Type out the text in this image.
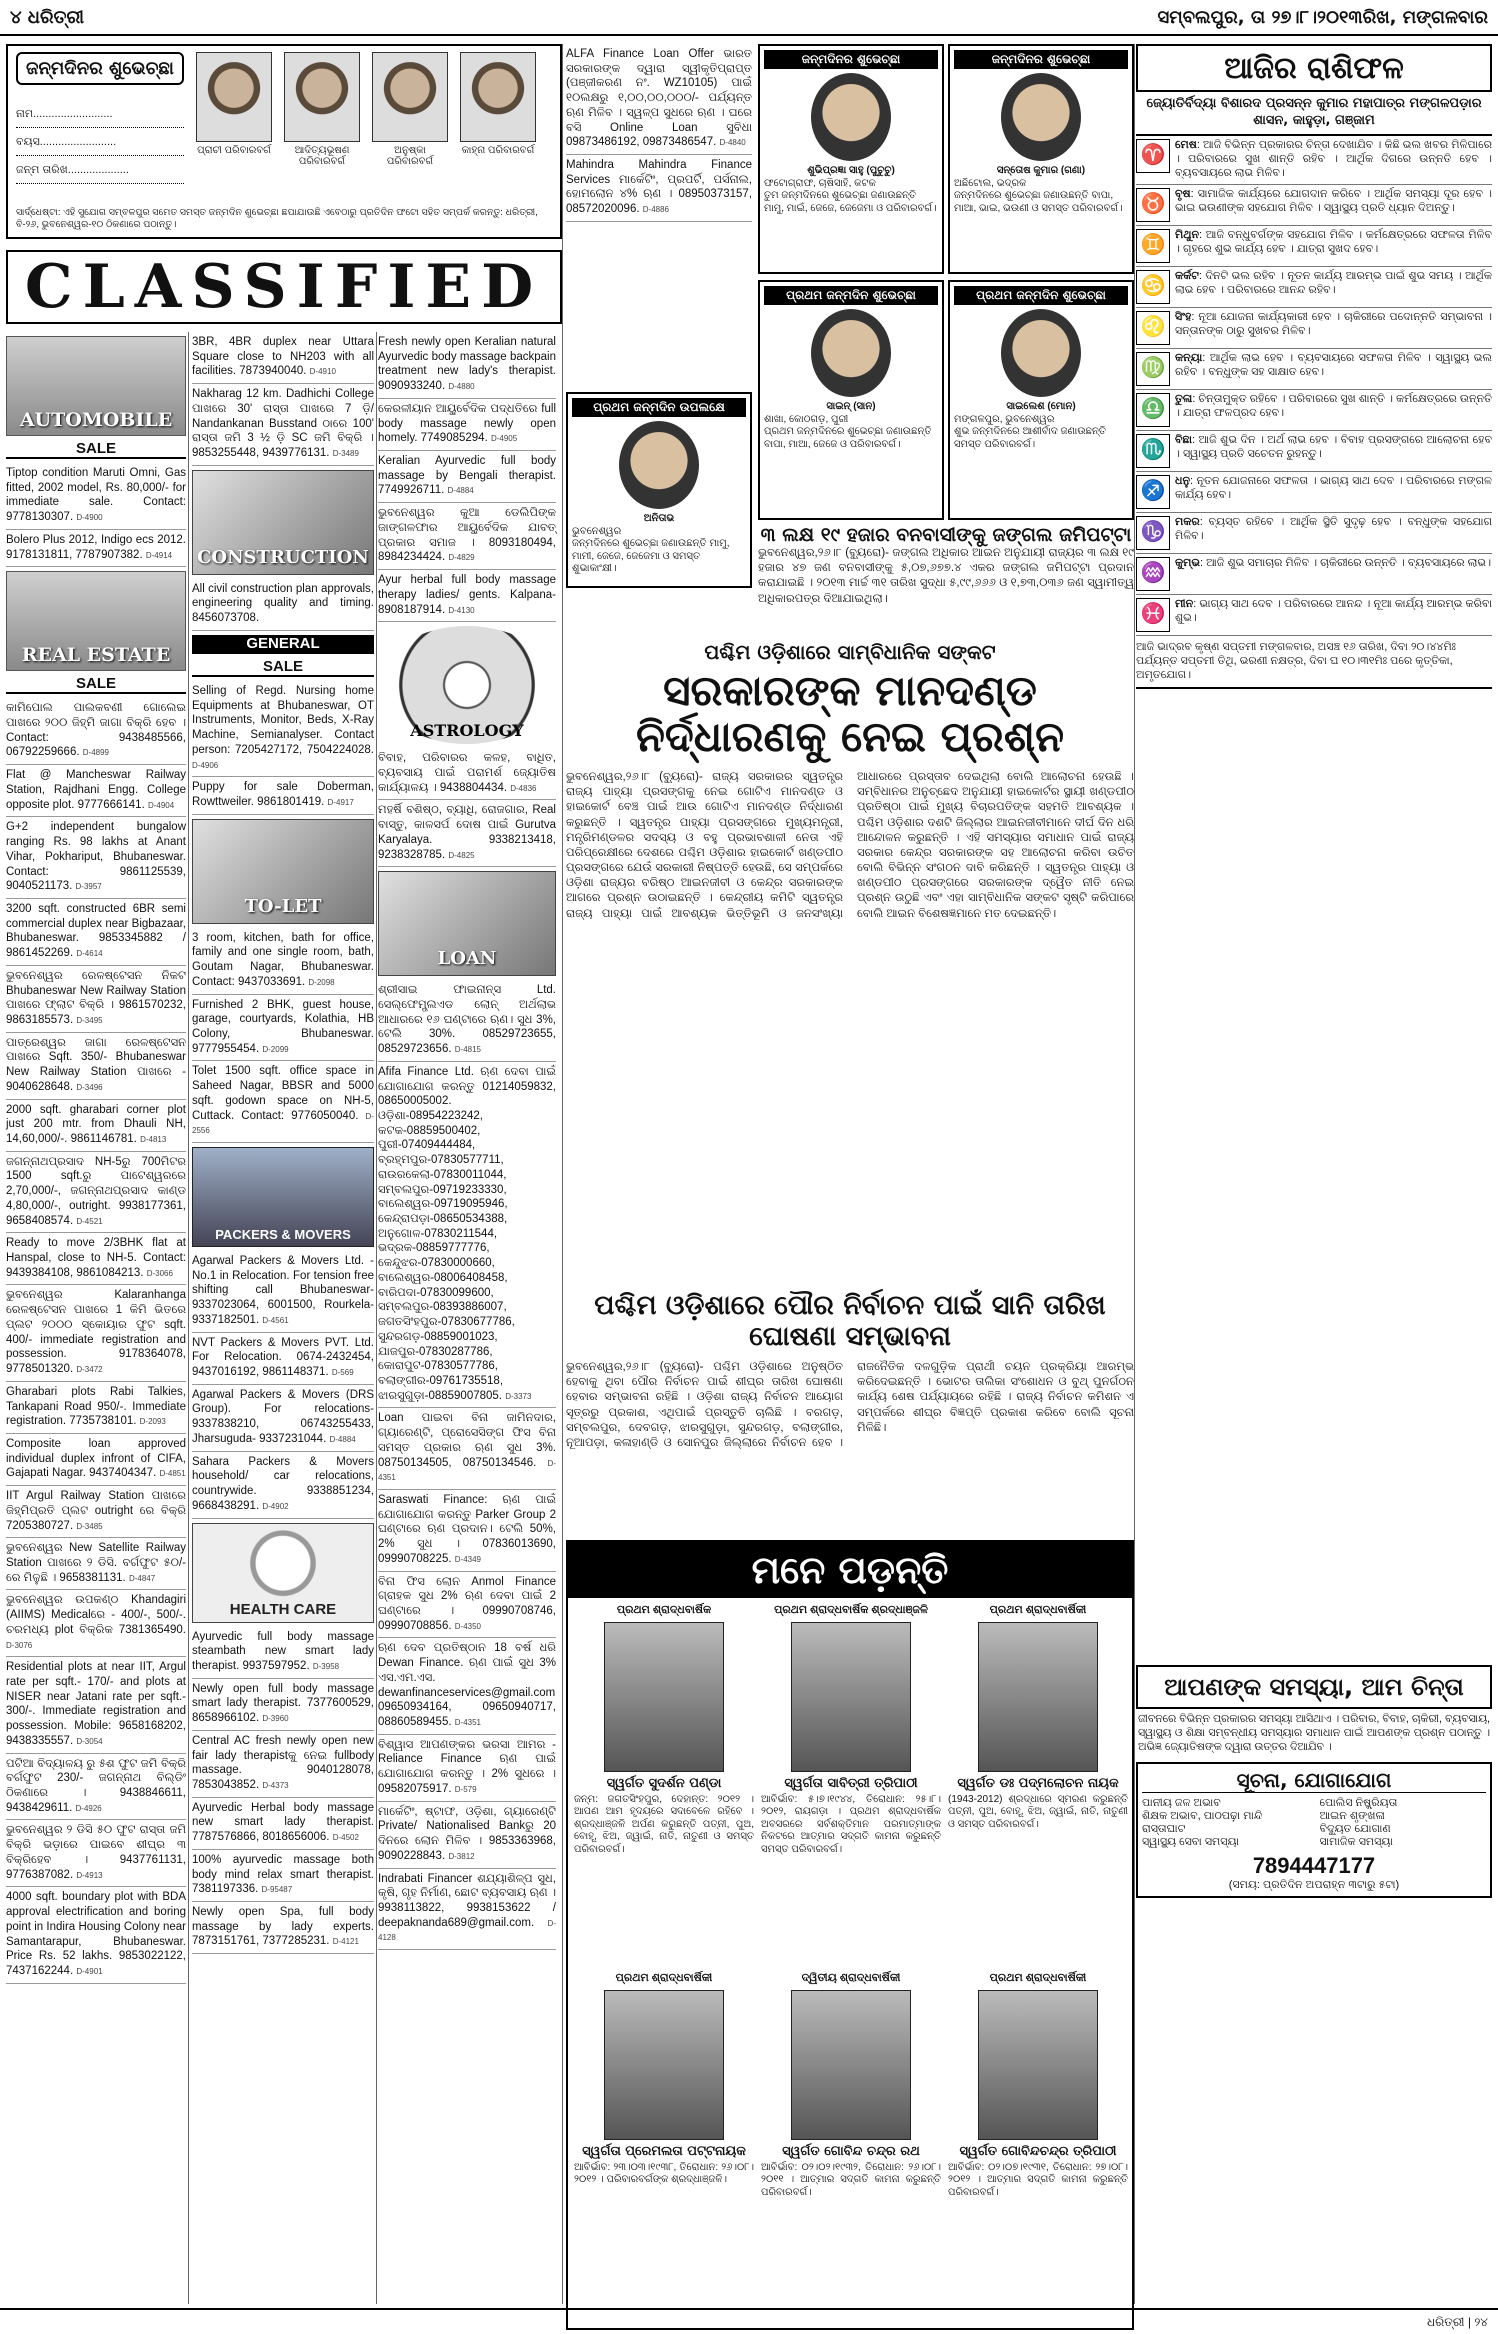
୪ ଧରିତ୍ରୀ	ସମ୍ବଲପୁର, ତା ୨୭।୮।୨୦୧୩ରିଖ, ମଙ୍ଗଳବାର
ଜନ୍ମଦିନର ଶୁଭେଚ୍ଛା
ନାମ..........................
ବୟସ.........................
ଜନ୍ମ ତାରିଖ....................
ପ୍ରାଚୀ ପରିବାରବର୍ଗ	ଆଦିତ୍ୟଭୂଷଣ ପରିବାରବର୍ଗ
ଅନୁଷ୍କା ପରିବାରବର୍ଗ
କାହ୍ନା ପରିବାରବର୍ଗ
ସାର୍ଦ୍ଧେଷ୍ଟା: ଏହି ସୁଯୋଗ ସମ୍ବଳପୁର ସମେତ ସମସ୍ତ ଜନ୍ମଦିନ ଶୁଭେଚ୍ଛା ଛପାଯାଉଛି ଏବେଠାରୁ ପ୍ରତିଦିନ ଫଟୋ ସହିତ ସମ୍ପର୍କ କରନ୍ତୁ: ଧରିତ୍ରୀ, ବି-୨୬, ଭୁବନେଶ୍ୱର-୧୦ ଠିକଣାରେ ପଠାନ୍ତୁ।
CLASSIFIED
AUTOMOBILE
SALE
Tiptop condition Maruti Omni, Gas fitted, 2002 model, Rs. 80,000/- for immediate sale. Contact: 9778130307. D-4900
Bolero Plus 2012, Indigo ecs 2012. 9178131811, 7787907382. D-4914
REAL ESTATE
SALE
କାମିପୋଲ ପାଲକବଣୀ ଗୋଲେଇ ପାଖରେ ୨୦୦ ଜିହ୍ମି ଜାଗା ବିକ୍ରି ହେବ । Contact: 9438485566, 06792259666. D-4899
Flat @ Mancheswar Railway Station, Rajdhani Engg. College opposite plot. 9777666141. D-4904
G+2 independent bungalow ranging Rs. 98 lakhs at Anant Vihar, Pokhariput, Bhubaneswar. Contact: 9861125539, 9040521173. D-3957
3200 sqft. constructed 6BR semi commercial duplex near Bigbazaar, Bhubaneswar. 9853345882 / 9861452269. D-4614
ଭୁବନେଶ୍ୱର ରେଳଷ୍ଟେସନ ନିକଟ Bhubaneswar New Railway Station ପାଖରେ ଫ୍ଲାଟ ବିକ୍ରି । 9861570232, 9863185573. D-3495
ପାତ୍ରେଶ୍ୱର ଜାଗା ରେଳଷ୍ଟେସନ ପାଖରେ Sqft. 350/- Bhubaneswar New Railway Station ପାଖରେ - 9040628648. D-3496
2000 sqft. gharabari corner plot just 200 mtr. from Dhauli NH, 14,60,000/-. 9861146781. D-4813
ଜଗନ୍ନାଥପ୍ରସାଦ NH-5ରୁ 700ମିଟର 1500 sqft.ରୁ ପାଟେଶ୍ୱରରେ 2,70,000/-, ଜଗନ୍ନାଥପ୍ରସାଦ କାଣ୍ଡ 4,80,000/-, outright. 9938177361, 9658408574. D-4521
Ready to move 2/3BHK flat at Hanspal, close to NH-5. Contact: 9439384108, 9861084213. D-3066
ଭୁବନେଶ୍ୱର Kalaranhanga ରେଳଷ୍ଟେସନ ପାଖରେ 1 କିମି ଭିତରେ ପ୍ଲଟ ୨୦୦୦ ସ୍କୋୟାର ଫୁଟ sqft. 400/- immediate registration and possession. 9178364078, 9778501320. D-3472
Gharabari plots Rabi Talkies, Tankapani Road 950/-. Immediate registration. 7735738101. D-2093
Composite loan approved individual duplex infront of CIFA, Gajapati Nagar. 9437404347. D-4851
IIT Argul Railway Station ପାଖରେ ଜିହ୍ମିପ୍ରତି ପ୍ଲଟ outright ରେ ବିକ୍ରି 7205380727. D-3485
ଭୁବନେଶ୍ୱର New Satellite Railway Station ପାଖରେ ୨ ଡିସି. ବର୍ଗଫୁଟ ୫୦/- ରେ ମିଳୁଛି । 9658381131. D-4847
ଭୁବନେଶ୍ୱର ଉପକଣ୍ଠ Khandagiri (AIIMS) Medicalରେ - 400/-, 500/-. ଚରମଧ୍ୟ plot ବିକ୍ରିକ 7381365490. D-3076
Residential plots at near IIT, Argul rate per sqft.- 170/- and plots at NISER near Jatani rate per sqft.- 300/-. Immediate registration and possession. Mobile: 9658168202, 9438335557. D-3054
ପଟିଆ ବିଦ୍ୟାଳୟ ରୁ ୫ଶ ଫୁଟ ଜମି ବିକ୍ରି ବର୍ଗଫୁଟ 230/- ଜଗନ୍ନାଥ ବିଲ୍ଡିଂ ଠିକଣାରେ । 9438846611, 9438429611. D-4926
ଭୁବନେଶ୍ୱର ୨ ଡିସି ୫୦ ଫୁଟ ରାସ୍ତା ଜମି ବିକ୍ରି ଭଡ଼ାରେ ପାଇବେ ଶୀଘ୍ର ୩ ବିକ୍ରିହେବ । 9437761131, 9776387082. D-4913
4000 sqft. boundary plot with BDA approval electrification and boring point in Indira Housing Colony near Samantarapur, Bhubaneswar. Price Rs. 52 lakhs. 9853022122, 7437162244. D-4901
3BR, 4BR duplex near Uttara Square close to NH203 with all facilities. 7873940040. D-4910
Nakharag 12 km. Dadhichi College ପାଖରେ 30' ରାସ୍ତା ପାଖରେ 7 ଡ଼ି/ Nandankanan Busstand ଠାରେ 100' ରାସ୍ତା ଜମି 3 ½ ଡ଼ି SC ଜମି ବିକ୍ରି । 9853255448, 9439776131. D-3489
CONSTRUCTION
All civil construction plan approvals, engineering quality and timing. 8456073708.
GENERAL
SALE
Selling of Regd. Nursing home Equipments at Bhubaneswar, OT Instruments, Monitor, Beds, X-Ray Machine, Semianalyser. Contact person: 7205427172, 7504224028. D-4906
Puppy for sale Doberman, Rowttweiler. 9861801419. D-4917
TO-LET
3 room, kitchen, bath for office, family and one single room, bath, Goutam Nagar, Bhubaneswar. Contact: 9437033691. D-2098
Furnished 2 BHK, guest house, garage, courtyards, Kolathia, HB Colony, Bhubaneswar. 9777955454. D-2099
Tolet 1500 sqft. office space in Saheed Nagar, BBSR and 5000 sqft. godown space on NH-5, Cuttack. Contact: 9776050040. D-2556
PACKERS & MOVERS
Agarwal Packers & Movers Ltd. - No.1 in Relocation. For tension free shifting call Bhubaneswar- 9337023064, 6001500, Rourkela-9337182501. D-4561
NVT Packers & Movers PVT. Ltd. For Relocation. 0674-2432454, 9437016192, 9861148371. D-569
Agarwal Packers & Movers (DRS Group). For relocations- 9337838210, 06743255433, Jharsuguda- 9337231044. D-4884
Sahara Packers & Movers household/ car relocations, countrywide. 9338851234, 9668438291. D-4902
HEALTH CARE
Ayurvedic full body massage steambath new smart lady therapist. 9937597952. D-3958
Newly open full body massage smart lady therapist. 7377600529, 8658966102. D-3960
Central AC fresh newly open new fair lady therapistକୁ ନେଇ fullbody massage. 9040128078, 7853043852. D-4373
Ayurvedic Herbal body massage new smart lady therapist. 7787576866, 8018656006. D-4502
100% ayurvedic massage both body mind relax smart therapist. 7381197336. D-95487
Newly open Spa, full body massage by lady experts. 7873151761, 7377285231. D-4121
Fresh newly open Keralian natural Ayurvedic body massage backpain treatment new lady's therapist. 9090933240. D-4880
କେରଳୀୟାନ ଆୟୁର୍ବେଦିକ ପଦ୍ଧତିରେ full body massage newly open homely. 7749085294. D-4905
Keralian Ayurvedic full body massage by Bengali therapist. 7749926711. D-4884
ଭୁବନେଶ୍ୱର କୁଆ ଡେଲିପିଙ୍କ ଜାଙ୍ଗଳଫାର ଆୟୁର୍ବେଦିକ ଯାବତ୍ ପ୍ରକାର ସମାଜ । 8093180494, 8984234424. D-4829
Ayur herbal full body massage therapy ladies/ gents. Kalpana- 8908187914. D-4130
ASTROLOGY
ବିବାହ, ପରିବାରର କଳହ, ବାଧିତ, ବ୍ୟବସାୟ ପାଇଁ ପରାମର୍ଶ ଜ୍ୟୋତିଷ କାର୍ଯ୍ୟାଳୟ । 9438804434. D-4836
ମହର୍ଷି ବଶିଷ୍ଠ, ବ୍ୟାଧି, ରୋଜଗାର, Real ବାସ୍ତୁ, କାଳସର୍ପ ଦୋଷ ପାଇଁ Gurutva Karyalaya. 9338213418, 9238328785. D-4825
LOAN
ଶ୍ରୀସାଇ ଫାଇନାନ୍ସ Ltd. ସେଲ୍ଫେମ୍ପ୍ଲଏଡ ଲୋନ୍ ଅର୍ଥଲାଭ ଆଧାରରେ ୧୬ ଘଣ୍ଟାରେ ଋଣ। ସୁଧ 3%, ଟେଲି 30%. 08529723655, 08529723656. D-4815
Afifa Finance Ltd. ଋଣ ଦେବା ପାଇଁ ଯୋଗାଯୋଗ କରନ୍ତୁ 01214059832, 08650005002. ଓଡ଼ିଶା-08954223242, କଟକ-08859500402, ପୁରୀ-07409444484, ବ୍ରହ୍ମପୁର-07830577711, ରାଉରକେଲା-07830011044, ସମ୍ବଲପୁର-09719233330, ବାଲେଶ୍ୱର-09719095946, କେନ୍ଦ୍ରାପଡ଼ା-08650534388, ଅନୁଗୋଳ-07830211544, ଭଦ୍ରକ-08859777776, କେନ୍ଦୁଝର-07830000660, ବାଲେଶ୍ୱର-08006408458, ବାରିପଦା-07830099600, ସମ୍ବଲପୁର-08393886007, ଜଗତସିଂହପୁର-07830677786, ସୁନ୍ଦରଗଡ଼-08859001023, ଯାଜପୁର-07830287786, କୋରାପୁଟ-07830577786, ବଲାଙ୍ଗୀର-09761735518, ଝାରସୁଗୁଡ଼ା-08859007805. D-3373
Loan ପାଇବା ବିନା ଜାମିନଦାର, ଗ୍ୟାରେଣ୍ଟି, ପ୍ରୋସେସିଙ୍ଗ ଫିସ ବିନା ସମସ୍ତ ପ୍ରକାର ଋଣ ସୁଧ 3%. 08750134505, 08750134546. D-4351
Saraswati Finance: ଋଣ ପାଇଁ ଯୋଗାଯୋଗ କରନ୍ତୁ Parker Group 2 ଘଣ୍ଟାରେ ଋଣ ପ୍ରଦାନ। ଟେଲି 50%, 2% ସୁଧ । 07836013690, 09990708225. D-4349
ବିନା ଫିସ ଲୋନ Anmol Finance ଗ୍ରାହକ ସୁଧ 2% ଋଣ ଦେବା ପାଇଁ 2 ଘଣ୍ଟାରେ । 09990708746, 09990708856. D-4350
ଋଣ ଦେବ ପ୍ରତିଷ୍ଠାନ 18 ବର୍ଷ ଧରି Dewan Finance. ଋଣ ପାଇଁ ସୁଧ 3% ଏସ.ଏମ.ଏସ. dewanfinanceservices@gmail.com 09650934164, 09650940717, 08860589455. D-4351
ବିଶ୍ୱାସ ଆପଣଙ୍କର ଭରସା ଆମର - Reliance Finance ଋଣ ପାଇଁ ଯୋଗାଯୋଗ କରନ୍ତୁ । 2% ସୁଧରେ । 09582075917. D-579
ମାର୍କେଟିଂ, ଷ୍ଟାଫ, ଓଡ଼ିଶା, ଗ୍ୟାରେଣ୍ଟି Private/ Nationalised Bankରୁ 20 ଦିନରେ ଲୋନ ମିଳିବ । 9853363968, 9090228843. D-3812
Indrabati Financer ଶଯ୍ୟାଶିଳ୍ପ ସୁଧ, କୃଷି, ଗୃହ ନିର୍ମାଣ, ଛୋଟ ବ୍ୟବସାୟ ଋଣ । 9938113822, 9938153622 / deepaknanda689@gmail.com. D-4128
ALFA Finance Loan Offer ଭାରତ ସରକାରଙ୍କ ଦ୍ୱାରା ସ୍ୱୀକୃତିପ୍ରାପ୍ତ (ପଞ୍ଜୀକରଣ ନଂ. WZ10105) ପାଇଁ ୧୦ଲକ୍ଷରୁ ୧,୦୦,୦୦,୦୦୦/- ପର୍ଯ୍ୟନ୍ତ ଋଣ ମିଳିବ । ସ୍ୱଳ୍ପ ସୁଧରେ ଋଣ । ଘରେ ବସି Online Loan ସୁବିଧା 09873486192, 09873486547. D-4840
Mahindra Mahindra Finance Services ମାର୍କେଟିଂ, ପ୍ରପର୍ଟି, ପର୍ସନାଲ, ହୋମଲୋନ ୪% ଋଣ । 08950373157, 08572020096. D-4886
ଜନ୍ମଦିନର ଶୁଭେଚ୍ଛା
ଶୁଭିପ୍ରଜ୍ଞା ସାହୁ (ପୁଚୁଚୁ)
ଫଟୋଗ୍ରାଫ, ଚାଷିସାହି, କଟକ
ତୁମ ଜନ୍ମଦିନରେ ଶୁଭେଚ୍ଛା ଜଣାଉଛନ୍ତି ମାମୁ, ମାଇଁ, ଜେଜେ, ଜେଜେମା ଓ ପରିବାରବର୍ଗ।
ଜନ୍ମଦିନର ଶୁଭେଚ୍ଛା
ସନ୍ତୋଷ କୁମାର (ଗଣା)
ଅଛିଟୋଲ, ଭଦ୍ରକ
ଜନ୍ମଦିନରେ ଶୁଭେଚ୍ଛା ଜଣାଉଛନ୍ତି ବାପା, ମାଆ, ଭାଇ, ଭଉଣୀ ଓ ସମସ୍ତ ପରିବାରବର୍ଗ।
ପ୍ରଥମ ଜନ୍ମଦିନ ଶୁଭେଚ୍ଛା
ସାଇନ୍ (ସାନ)
ଶାଖା, କୋଠଗଡ଼, ପୁରୀ
ପ୍ରଥମ ଜନ୍ମଦିନରେ ଶୁଭେଚ୍ଛା ଜଣାଉଛନ୍ତି ବାପା, ମାଆ, ଜେଜେ ଓ ପରିବାରବର୍ଗ।
ପ୍ରଥମ ଜନ୍ମଦିନ ଶୁଭେଚ୍ଛା
ସାଇଲେଶ (ମୋନ)
ମଙ୍ଗଳପୁର, ଭୁବନେଶ୍ୱର
ଶୁଭ ଜନ୍ମଦିନରେ ଆଶୀର୍ବାଦ ଜଣାଉଛନ୍ତି ସମସ୍ତ ପରିବାରବର୍ଗ।
ପ୍ରଥମ ଜନ୍ମଦିନ ଉପଲକ୍ଷେ
ଅନିତାଭ
ଭୁବନେଶ୍ୱର
ଜନ୍ମଦିନରେ ଶୁଭେଚ୍ଛା ଜଣାଉଛନ୍ତି ମାମୁ, ମାମୀ, ଜେଜେ, ଜେଜେମା ଓ ସମସ୍ତ ଶୁଭାକାଂକ୍ଷୀ।
୩ ଲକ୍ଷ ୧୯ ହଜାର ବନବାସୀଙ୍କୁ ଜଙ୍ଗଲ ଜମିପଟ୍ଟା
ଭୁବନେଶ୍ୱର,୨୬।୮ (ବ୍ୟୁରୋ)- ଜଙ୍ଗଲ ଅଧିକାର ଆଇନ ଅନୁଯାୟୀ ରାଜ୍ୟର ୩ ଲକ୍ଷ ୧୯ ହଜାର ୪୭ ଜଣ ବନବାସୀଙ୍କୁ ୫,୦୭,୬୭୭.୪ ଏକର ଜଙ୍ଗଲ ଜମିପଟ୍ଟା ପ୍ରଦାନ କରାଯାଇଛି । ୨୦୧୩ ମାର୍ଚ୍ଚ ୩୧ ତାରିଖ ସୁଦ୍ଧା ୫,୯୯,୬୬୬ ଓ ୧,୭୩,୦୩୬ ଜଣ ସ୍ୱାମୀତ୍ୱ ଅଧିକାରପତ୍ର ଦିଆଯାଇଥିଲା।
ପଶ୍ଚିମ ଓଡ଼ିଶାରେ ସାମ୍ବିଧାନିକ ସଙ୍କଟ
ସରକାରଙ୍କ ମାନଦଣ୍ଡ ନିର୍ଦ୍ଧାରଣକୁ ନେଇ ପ୍ରଶ୍ନ
ଭୁବନେଶ୍ୱର,୨୬।୮ (ବ୍ୟୁରୋ)- ରାଜ୍ୟ ସରକାରର ସ୍ୱତନ୍ତ୍ର ରାଜ୍ୟ ପାହ୍ୟା ପ୍ରସଙ୍ଗକୁ ନେଇ ଗୋଟିଏ ମାନଦଣ୍ଡ ଓ ହାଇକୋର୍ଟ ବେଞ୍ଚ ପାଇଁ ଆଉ ଗୋଟିଏ ମାନଦଣ୍ଡ ନିର୍ଦ୍ଧାରଣ କରୁଛନ୍ତି । ସ୍ୱତନ୍ତ୍ର ପାହ୍ୟା ପ୍ରସଙ୍ଗରେ ମୁଖ୍ୟମନ୍ତ୍ରୀ, ମନ୍ତ୍ରିମଣ୍ଡଳର ସଦସ୍ୟ ଓ ବହୁ ପ୍ରଭାବଶାଳୀ ନେତା ଏହି ପରିପ୍ରେକ୍ଷୀରେ ଦେଶରେ ପଶ୍ଚିମ ଓଡ଼ିଶାର ହାଇକୋର୍ଟ ଖଣ୍ଡପୀଠ ପ୍ରସଙ୍ଗରେ ଯେଉଁ ସରକାରୀ ନିଷ୍ପତ୍ତି ହେଉଛି, ସେ ସମ୍ପର୍କରେ ଓଡ଼ିଶା ରାଜ୍ୟର ବରିଷ୍ଠ ଆଇନଜୀବୀ ଓ କେନ୍ଦ୍ର ସରକାରଙ୍କ ଆଗରେ ପ୍ରଶ୍ନ ଉଠାଇଛନ୍ତି । କେନ୍ଦ୍ରୀୟ କମିଟି ସ୍ୱତନ୍ତ୍ର ରାଜ୍ୟ ପାହ୍ୟା ପାଇଁ ଆବଶ୍ୟକ ଭିତ୍ତିଭୂମି ଓ ଜନସଂଖ୍ୟା ଆଧାରରେ ପ୍ରସ୍ତାବ ଦେଇଥିଲା ବୋଲି ଆଲୋଚନା ହେଉଛି । ସମ୍ବିଧାନର ଅନୁଚ୍ଛେଦ ଅନୁଯାୟୀ ହାଇକୋର୍ଟର ସ୍ଥାୟୀ ଖଣ୍ଡପୀଠ ପ୍ରତିଷ୍ଠା ପାଇଁ ମୁଖ୍ୟ ବିଚାରପତିଙ୍କ ସହମତି ଆବଶ୍ୟକ । ପଶ୍ଚିମ ଓଡ଼ିଶାର ଦଶଟି ଜିଲ୍ଲାର ଆଇନଜୀବୀମାନେ ଦୀର୍ଘ ଦିନ ଧରି ଆନ୍ଦୋଳନ କରୁଛନ୍ତି । ଏହି ସମସ୍ୟାର ସମାଧାନ ପାଇଁ ରାଜ୍ୟ ସରକାର କେନ୍ଦ୍ର ସରକାରଙ୍କ ସହ ଆଲୋଚନା କରିବା ଉଚିତ ବୋଲି ବିଭିନ୍ନ ସଂଗଠନ ଦାବି କରିଛନ୍ତି । ସ୍ୱତନ୍ତ୍ର ପାହ୍ୟା ଓ ଖଣ୍ଡପୀଠ ପ୍ରସଙ୍ଗରେ ସରକାରଙ୍କ ଦ୍ୱୈତ ନୀତି ନେଇ ପ୍ରଶ୍ନ ଉଠୁଛି ଏବଂ ଏହା ସାମ୍ବିଧାନିକ ସଙ୍କଟ ସୃଷ୍ଟି କରିପାରେ ବୋଲି ଆଇନ ବିଶେଷଜ୍ଞମାନେ ମତ ଦେଇଛନ୍ତି।
ପଶ୍ଚିମ ଓଡ଼ିଶାରେ ପୌର ନିର୍ବାଚନ ପାଇଁ ସାନି ତାରିଖ ଘୋଷଣା ସମ୍ଭାବନା
ଭୁବନେଶ୍ୱର,୨୬।୮ (ବ୍ୟୁରୋ)- ପଶ୍ଚିମ ଓଡ଼ିଶାରେ ଅନୁଷ୍ଠିତ ହେବାକୁ ଥିବା ପୌର ନିର୍ବାଚନ ପାଇଁ ଶୀଘ୍ର ତାରିଖ ଘୋଷଣା ହେବାର ସମ୍ଭାବନା ରହିଛି । ଓଡ଼ିଶା ରାଜ୍ୟ ନିର୍ବାଚନ ଆୟୋଗ ସୂତ୍ରରୁ ପ୍ରକାଶ, ଏଥିପାଇଁ ପ୍ରସ୍ତୁତି ଚାଲିଛି । ବରଗଡ଼, ସମ୍ବଲପୁର, ଦେବଗଡ଼, ଝାରସୁଗୁଡ଼ା, ସୁନ୍ଦରଗଡ଼, ବଲାଙ୍ଗୀର, ନୂଆପଡ଼ା, କଳାହାଣ୍ଡି ଓ ସୋନପୁର ଜିଲ୍ଲାରେ ନିର୍ବାଚନ ହେବ । ରାଜନୈତିକ ଦଳଗୁଡ଼ିକ ପ୍ରାର୍ଥୀ ଚୟନ ପ୍ରକ୍ରିୟା ଆରମ୍ଭ କରିଦେଇଛନ୍ତି । ଭୋଟର ତାଲିକା ସଂଶୋଧନ ଓ ବୁଥ୍ ପୁନର୍ଗଠନ କାର୍ଯ୍ୟ ଶେଷ ପର୍ଯ୍ୟାୟରେ ରହିଛି । ରାଜ୍ୟ ନିର୍ବାଚନ କମିଶନ ଏ ସମ୍ପର୍କରେ ଶୀଘ୍ର ବିଜ୍ଞପ୍ତି ପ୍ରକାଶ କରିବେ ବୋଲି ସୂଚନା ମିଳିଛି।
ମନେ ପଡ଼ନ୍ତି
ପ୍ରଥମ ଶ୍ରାଦ୍ଧବାର୍ଷିକ
ସ୍ୱର୍ଗତ ସୁଦର୍ଶନ ପଣ୍ଡା
ଜନ୍ମ: ଜଗତସିଂହପୁର, ଦେହାନ୍ତ: ୨୦୧୨ । ଆପଣ ଆମ ହୃଦୟରେ ସଦାବେଳେ ରହିବେ । ଶ୍ରଦ୍ଧାଞ୍ଜଳି ଅର୍ପଣ କରୁଛନ୍ତି ପତ୍ନୀ, ପୁଅ, ବୋହୂ, ଝିଅ, ଜ୍ୱାଇଁ, ନାତି, ନାତୁଣୀ ଓ ସମସ୍ତ ପରିବାରବର୍ଗ।
ପ୍ରଥମ ଶ୍ରାଦ୍ଧବାର୍ଷିକ ଶ୍ରଦ୍ଧାଞ୍ଜଳି
ସ୍ୱର୍ଗତା ସାବିତ୍ରୀ ତ୍ରିପାଠୀ
ଆବିର୍ଭାବ: ୫।୭।୧୯୪୪, ତିରୋଧାନ: ୨୫।୮।୨୦୧୨, ରାୟଗଡ଼ା । ପ୍ରଥମ ଶ୍ରାଦ୍ଧବାର୍ଷିକ ଅବସରରେ ସର୍ବଶକ୍ତିମାନ ପରମାତ୍ମାଙ୍କ ନିକଟରେ ଆତ୍ମାର ସଦ୍ଗତି କାମନା କରୁଛନ୍ତି ସମସ୍ତ ପରିବାରବର୍ଗ।
ପ୍ରଥମ ଶ୍ରାଦ୍ଧବାର୍ଷିକୀ
ସ୍ୱର୍ଗତ ଡଃ ପଦ୍ମଲୋଚନ ନାୟକ
(1943-2012) ଶ୍ରଦ୍ଧାରେ ସ୍ମରଣ କରୁଛନ୍ତି ପତ୍ନୀ, ପୁଅ, ବୋହୂ, ଝିଅ, ଜ୍ୱାଇଁ, ନାତି, ନାତୁଣୀ ଓ ସମସ୍ତ ପରିବାରବର୍ଗ।
ପ୍ରଥମ ଶ୍ରାଦ୍ଧବାର୍ଷିକୀ
ସ୍ୱର୍ଗତା ପ୍ରେମଲତା ପଟ୍ଟନାୟକ
ଆବିର୍ଭାବ: ୨୩।୦୩।୧୯୩୮, ତିରୋଧାନ: ୨୬।୦୮।୨୦୧୨ । ପରିବାରବର୍ଗଙ୍କ ଶ୍ରଦ୍ଧାଞ୍ଜଳି।
ଦ୍ୱିତୀୟ ଶ୍ରାଦ୍ଧବାର୍ଷିକୀ
ସ୍ୱର୍ଗତ ଗୋବିନ୍ଦ ଚନ୍ଦ୍ର ରଥ
ଆବିର୍ଭାବ: ୦୨।୦୨।୧୯୩୨, ତିରୋଧାନ: ୨୬।୦୮।୨୦୧୧ । ଆତ୍ମାର ସଦ୍ଗତି କାମନା କରୁଛନ୍ତି ପରିବାରବର୍ଗ।
ପ୍ରଥମ ଶ୍ରାଦ୍ଧବାର୍ଷିକୀ
ସ୍ୱର୍ଗତ ଗୋବିନ୍ଦଚନ୍ଦ୍ର ତ୍ରିପାଠୀ
ଆବିର୍ଭାବ: ୦୨।୦୭।୧୯୩୧, ତିରୋଧାନ: ୨୭।୦୮।୨୦୧୨ । ଆତ୍ମାର ସଦ୍ଗତି କାମନା କରୁଛନ୍ତି ପରିବାରବର୍ଗ।
ଆଜିର ରାଶିଫଳ
ଜ୍ୟୋତିର୍ବିଦ୍ୟା ବିଶାରଦ ପ୍ରସନ୍ନ କୁମାର ମହାପାତ୍ର ମଙ୍ଗଳପଡ଼ାର ଶାସନ, କାହୁଡ଼ା, ଗଞ୍ଜାମ
♈ ମେଷ: ଆଜି ବିଭିନ୍ନ ପ୍ରକାରର ଚିନ୍ତା ଦେଖାଯିବ । କିଛି ଭଲ ଖବର ମିଳିପାରେ । ପରିବାରରେ ସୁଖ ଶାନ୍ତି ରହିବ । ଆର୍ଥିକ ଦିଗରେ ଉନ୍ନତି ହେବ । ବ୍ୟବସାୟରେ ଲାଭ ମିଳିବ।
♉ ବୃଷ: ସାମାଜିକ କାର୍ଯ୍ୟରେ ଯୋଗଦାନ କରିବେ । ଆର୍ଥିକ ସମସ୍ୟା ଦୂର ହେବ । ଭାଇ ଭଉଣୀଙ୍କ ସହଯୋଗ ମିଳିବ । ସ୍ୱାସ୍ଥ୍ୟ ପ୍ରତି ଧ୍ୟାନ ଦିଅନ୍ତୁ।
♊ ମିଥୁନ: ଆଜି ବନ୍ଧୁବର୍ଗଙ୍କ ସହଯୋଗ ମିଳିବ । କର୍ମକ୍ଷେତ୍ରରେ ସଫଳତା ମିଳିବ । ଗୃହରେ ଶୁଭ କାର୍ଯ୍ୟ ହେବ । ଯାତ୍ରା ସୁଖଦ ହେବ।
♋ କର୍କଟ: ଦିନଟି ଭଲ ରହିବ । ନୂତନ କାର୍ଯ୍ୟ ଆରମ୍ଭ ପାଇଁ ଶୁଭ ସମୟ । ଆର୍ଥିକ ଲାଭ ହେବ । ପରିବାରରେ ଆନନ୍ଦ ରହିବ।
♌ ସିଂହ: ନୂଆ ଯୋଜନା କାର୍ଯ୍ୟକାରୀ ହେବ । ଚାକିରୀରେ ପଦୋନ୍ନତି ସମ୍ଭାବନା । ସନ୍ତାନଙ୍କ ଠାରୁ ସୁଖବର ମିଳିବ।
♍ କନ୍ୟା: ଆର୍ଥିକ ଲାଭ ହେବ । ବ୍ୟବସାୟରେ ସଫଳତା ମିଳିବ । ସ୍ୱାସ୍ଥ୍ୟ ଭଲ ରହିବ । ବନ୍ଧୁଙ୍କ ସହ ସାକ୍ଷାତ ହେବ।
♎ ତୁଳା: ଚିନ୍ତାମୁକ୍ତ ରହିବେ । ପରିବାରରେ ସୁଖ ଶାନ୍ତି । କର୍ମକ୍ଷେତ୍ରରେ ଉନ୍ନତି । ଯାତ୍ରା ଫଳପ୍ରଦ ହେବ।
♏ ବିଛା: ଆଜି ଶୁଭ ଦିନ । ଅର୍ଥ ଲାଭ ହେବ । ବିବାହ ପ୍ରସଙ୍ଗରେ ଆଲୋଚନା ହେବ । ସ୍ୱାସ୍ଥ୍ୟ ପ୍ରତି ସଚେତନ ରୁହନ୍ତୁ।
♐ ଧନୁ: ନୂତନ ଯୋଜନାରେ ସଫଳତା । ଭାଗ୍ୟ ସାଥ ଦେବ । ପରିବାରରେ ମଙ୍ଗଳ କାର୍ଯ୍ୟ ହେବ।
♑ ମକର: ବ୍ୟସ୍ତ ରହିବେ । ଆର୍ଥିକ ସ୍ଥିତି ସୁଦୃଢ଼ ହେବ । ବନ୍ଧୁଙ୍କ ସହଯୋଗ ମିଳିବ।
♒ କୁମ୍ଭ: ଆଜି ଶୁଭ ସମାଚାର ମିଳିବ । ଚାକିରୀରେ ଉନ୍ନତି । ବ୍ୟବସାୟରେ ଲାଭ।
♓ ମୀନ: ଭାଗ୍ୟ ସାଥ ଦେବ । ପରିବାରରେ ଆନନ୍ଦ । ନୂଆ କାର୍ଯ୍ୟ ଆରମ୍ଭ କରିବା ଶୁଭ।
ଆଜି ଭାଦ୍ରବ କୃଷ୍ଣ ସପ୍ତମୀ ମଙ୍ଗଳବାର, ଅସଞ୍ଚ ୧୬ ତାରିଖ, ଦିବା ୨୦।୪୪ମିଃ ପର୍ଯ୍ୟନ୍ତ ସପ୍ତମୀ ତିଥି, ଭରଣୀ ନକ୍ଷତ୍ର, ଦିବା ଘ ୧୦।୩୧ମିଃ ପରେ କୃତ୍ତିକା, ଅମୃତଯୋଗ।
ଆପଣଙ୍କ ସମସ୍ୟା, ଆମ ଚିନ୍ତା
ଜୀବନରେ ବିଭିନ୍ନ ପ୍ରକାରର ସମସ୍ୟା ଆସିଥାଏ । ପରିବାର, ବିବାହ, ଚାକିରୀ, ବ୍ୟବସାୟ, ସ୍ୱାସ୍ଥ୍ୟ ଓ ଶିକ୍ଷା ସମ୍ବନ୍ଧୀୟ ସମସ୍ୟାର ସମାଧାନ ପାଇଁ ଆପଣଙ୍କ ପ୍ରଶ୍ନ ପଠାନ୍ତୁ । ଅଭିଜ୍ଞ ଜ୍ୟୋତିଷଙ୍କ ଦ୍ୱାରା ଉତ୍ତର ଦିଆଯିବ ।
ସୂଚନା, ଯୋଗାଯୋଗ
ପାନୀୟ ଜଳ ଅଭାବ
ଶିକ୍ଷକ ଅଭାବ, ପାଠପଢ଼ା ମାନ୍ଦି
ରାସ୍ତାଘାଟ
ସ୍ୱାସ୍ଥ୍ୟ ସେବା ସମସ୍ୟା
ପୋଲିସ ନିଷ୍କ୍ରିୟତା
ଆଇନ ଶୃଙ୍ଖଳା
ବିଦ୍ୟୁତ ଯୋଗାଣ
ସାମାଜିକ ସମସ୍ୟା
7894447177
(ସମୟ: ପ୍ରତିଦିନ ଅପରାହ୍ନ ୩ଟାରୁ ୫ଟା)
ଧରିତ୍ରୀ | ୨୪
